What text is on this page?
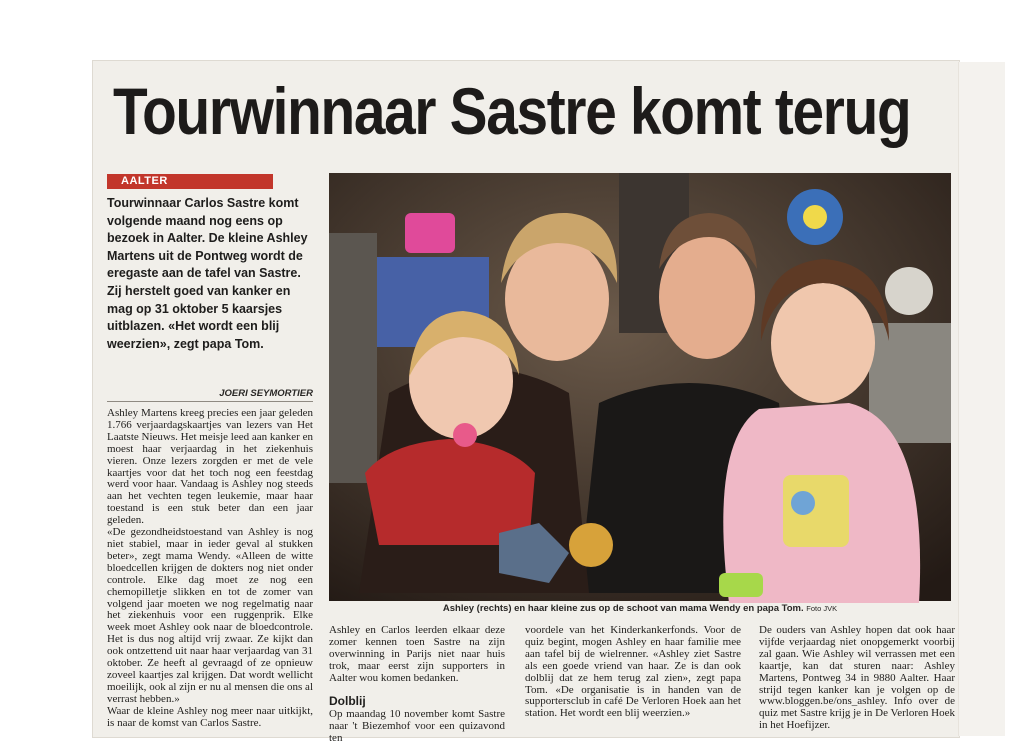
Tourwinnaar Sastre komt terug
AALTER
Tourwinnaar Carlos Sastre komt volgende maand nog eens op bezoek in Aalter. De kleine Ashley Martens uit de Pontweg wordt de eregaste aan de tafel van Sastre. Zij herstelt goed van kanker en mag op 31 oktober 5 kaarsjes uitblazen. «Het wordt een blij weerzien», zegt papa Tom.
JOERI SEYMORTIER

Ashley Martens kreeg precies een jaar geleden 1.766 verjaardagskaartjes van lezers van Het Laatste Nieuws. Het meisje leed aan kanker en moest haar verjaardag in het ziekenhuis vieren. Onze lezers zorgden er met de vele kaartjes voor dat het toch nog een feestdag werd voor haar. Vandaag is Ashley nog steeds aan het vechten tegen leukemie, maar haar toestand is een stuk beter dan een jaar geleden.

«De gezondheidstoestand van Ashley is nog niet stabiel, maar in ieder geval al stukken beter», zegt mama Wendy. «Alleen de witte bloedcellen krijgen de dokters nog niet onder controle. Elke dag moet ze nog een chemopilletje slikken en tot de zomer van volgend jaar moeten we nog regelmatig naar het ziekenhuis voor een ruggenprik. Elke week moet Ashley ook naar de bloedcontrole. Het is dus nog altijd vrij zwaar. Ze kijkt dan ook ontzettend uit naar haar verjaardag van 31 oktober. Ze heeft al gevraagd of ze opnieuw zoveel kaartjes zal krijgen. Dat wordt wellicht moeilijk, ook al zijn er nu al mensen die ons al verrast hebben.»

Waar de kleine Ashley nog meer naar uitkijkt, is naar de komst van Carlos Sastre.

Ashley (rechts) en haar kleine zus op de schoot van mama Wendy en papa Tom. Foto JVK

Ashley en Carlos leerden elkaar deze zomer kennen toen Sastre na zijn overwinning in Parijs niet naar huis trok, maar eerst zijn supporters in Aalter wou komen bedanken.

Dolblij

Op maandag 10 november komt Sastre naar 't Biezemhof voor een quizavond ten

voordele van het Kinderkankerfonds. Voor de quiz begint, mogen Ashley en haar familie mee aan tafel bij de wielrenner. «Ashley ziet Sastre als een goede vriend van haar. Ze is dan ook dolblij dat ze hem terug zal zien», zegt papa Tom. «De organisatie is in handen van de supportersclub in café De Verloren Hoek aan het station. Het wordt een blij weerzien.»

De ouders van Ashley hopen dat ook haar vijfde verjaardag niet onopgemerkt voorbij zal gaan. Wie Ashley wil verrassen met een kaartje, kan dat sturen naar: Ashley Martens, Pontweg 34 in 9880 Aalter. Haar strijd tegen kanker kan je volgen op de www.bloggen.be/ons_ashley. Info over de quiz met Sastre krijg je in De Verloren Hoek in het Hoefijzer.
